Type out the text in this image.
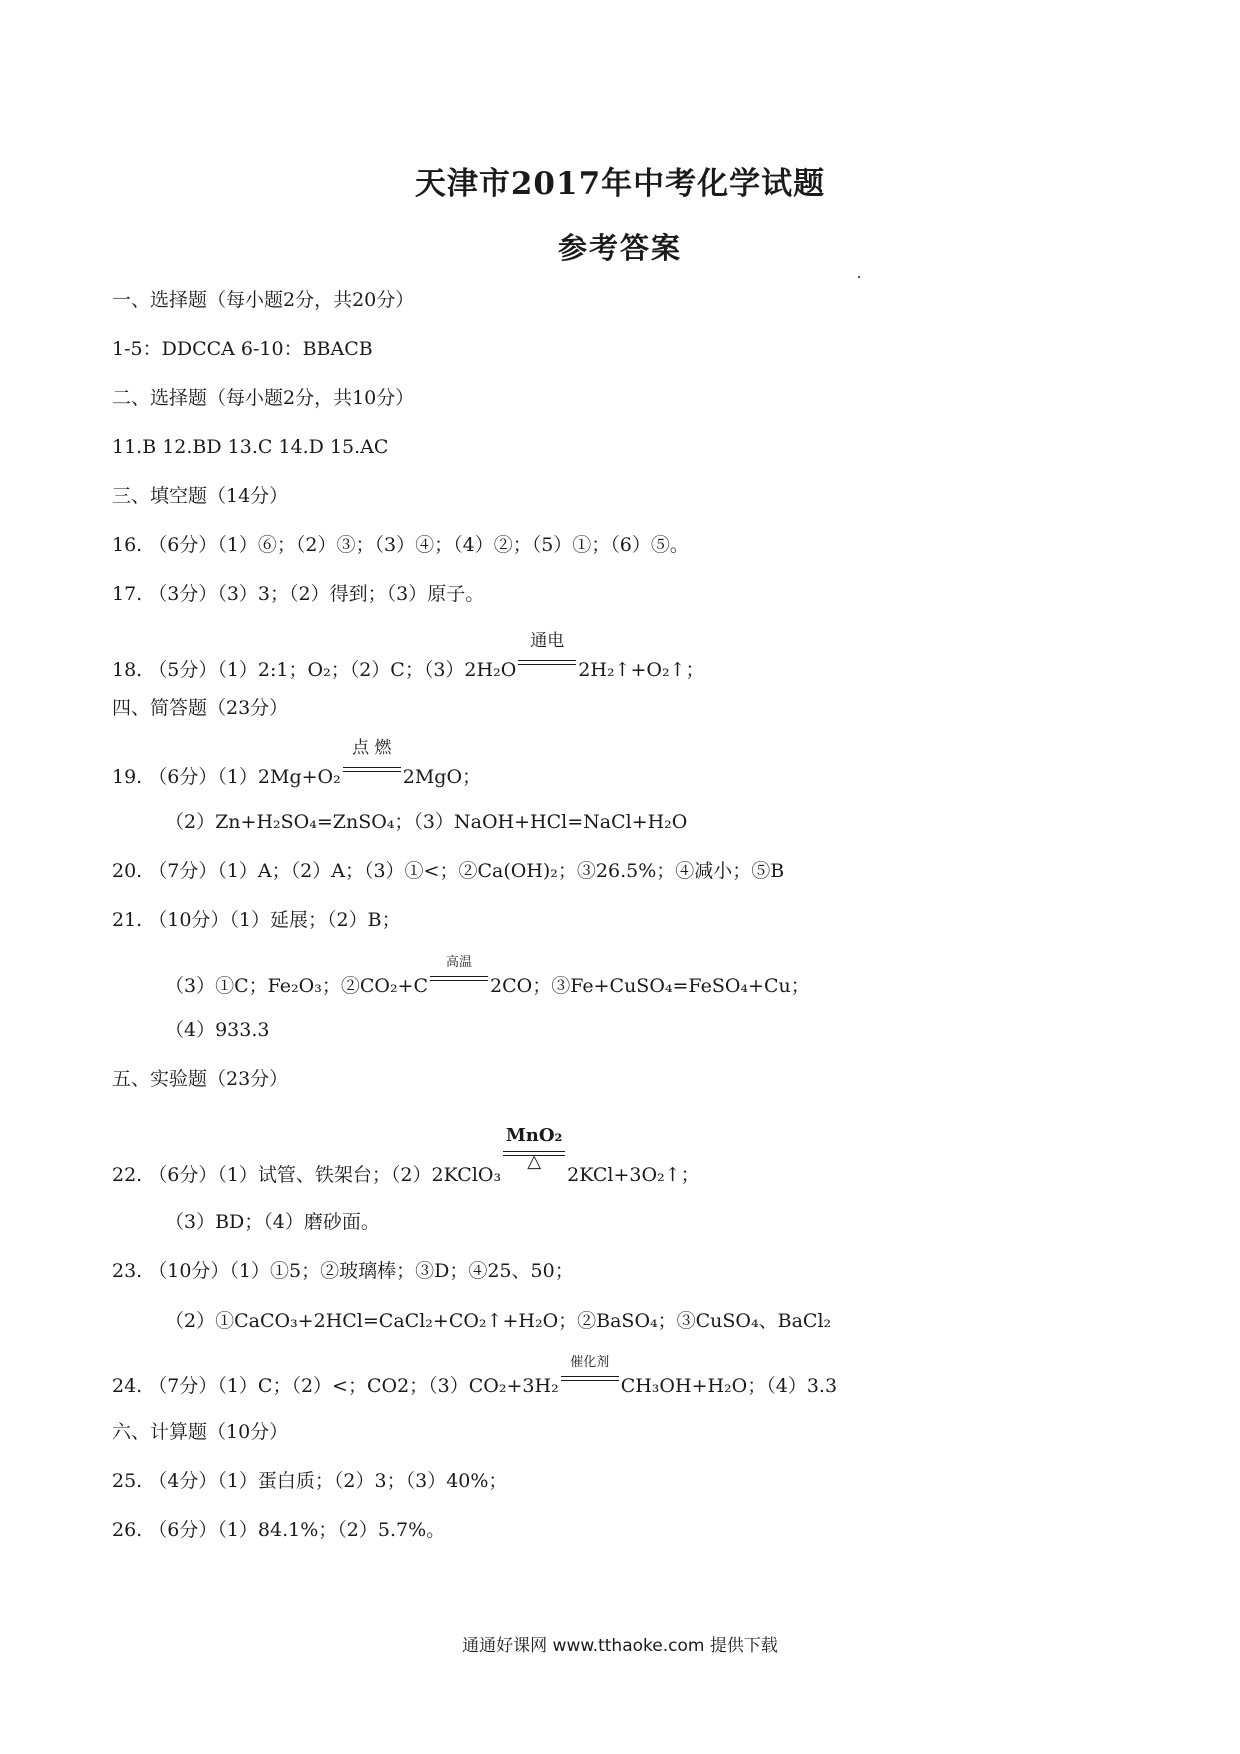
天津市2017年中考化学试题
参考答案
一、选择题（每小题2分，共20分）
1-5：DDCCA 6-10：BBACB
二、选择题（每小题2分，共10分）
11.B 12.BD 13.C 14.D 15.AC
三、填空题（14分）
16. （6分）（1）⑥；（2）③；（3）④；（4）②；（5）①；（6）⑤。
17. （3分）（3）3；（2）得到；（3）原子。
18. （5分）（1）2:1；O₂；（2）C；（3）2H₂O
通电
2H₂↑+O₂↑；
四、简答题（23分）
19. （6分）（1）2Mg+O₂
点 燃
2MgO；
（2）Zn+H₂SO₄=ZnSO₄；（3）NaOH+HCl=NaCl+H₂O
20. （7分）（1）A；（2）A；（3）①<；②Ca(OH)₂；③26.5%；④减小；⑤B
21. （10分）（1）延展；（2）B；
（3）①C；Fe₂O₃；②CO₂+C
高温
2CO；③Fe+CuSO₄=FeSO₄+Cu；
（4）933.3
五、实验题（23分）
22. （6分）（1）试管、铁架台；（2）2KClO₃
MnO₂
△
2KCl+3O₂↑；
（3）BD；（4）磨砂面。
23. （10分）（1）①5；②玻璃棒；③D；④25、50；
（2）①CaCO₃+2HCl=CaCl₂+CO₂↑+H₂O；②BaSO₄；③CuSO₄、BaCl₂
24. （7分）（1）C；（2）<；CO2；（3）CO₂+3H₂
催化剂
CH₃OH+H₂O；（4）3.3
六、计算题（10分）
25. （4分）（1）蛋白质；（2）3；（3）40%；
26. （6分）（1）84.1%；（2）5.7%。
通通好课网 www.tthaoke.com 提供下载
